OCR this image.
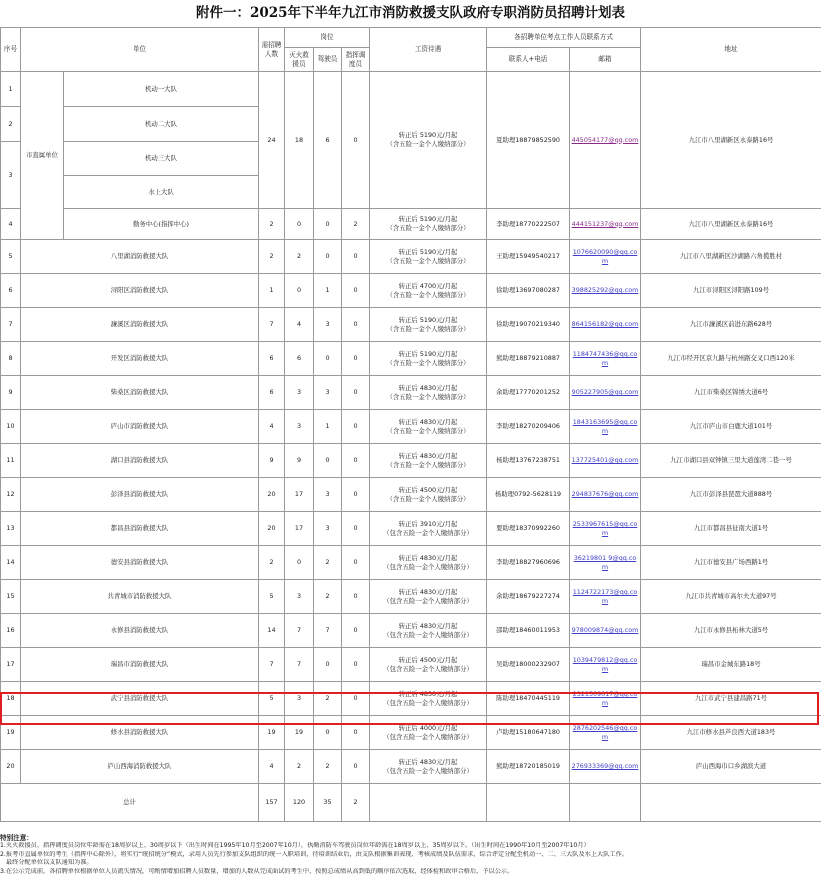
附件一：2025年下半年九江市消防救援支队政府专职消防员招聘计划表
序号	单位		需招聘人数	岗位			工资待遇	各招聘单位考点工作人员联系方式		地址
				灭火救援员	驾驶员	指挥调度员		联系人+电话	邮箱	
1	市直属单位	机动一大队	24	18	6	0	转正后 5190元/月起
（含五险一金个人缴纳部分）	夏助理18879852590	445054177@qq.com	九江市八里湖新区永泰路16号
2		机动二大队								
3		机动三大队								
		水上大队								
4		勤务中心(指挥中心)	2	0	0	2	转正后 5190元/月起
（含五险一金个人缴纳部分）	李助理18770222507	444151237@qq.com	九江市八里湖新区永泰路16号
5	八里湖消防救援大队		2	2	0	0	转正后 5190元/月起
（含五险一金个人缴纳部分）	王助理15949540217	1076620090@qq.com	九江市八里湖新区沙湖路六角揽胜村
6	浔阳区消防救援大队		1	0	1	0	转正后 4700元/月起
（含五险一金个人缴纳部分）	徐助理13697080287	398825292@qq.com	九江市浔阳区浔阳路109号
7	濂溪区消防救援大队		7	4	3	0	转正后 5190元/月起
（含五险一金个人缴纳部分）	徐助理19070219340	864156182@qq.com	九江市濂溪区前进东路628号
8	开发区消防救援大队		6	6	0	0	转正后 5190元/月起
（含五险一金个人缴纳部分）	熊助理18879210887	1184747436@qq.com	九江市经开区京九路与杭州路交叉口西120米
9	柴桑区消防救援大队		6	3	3	0	转正后 4830元/月起
（含五险一金个人缴纳部分）	余助理17770201252	905227905@qq.com	九江市柴桑区锦绣大道6号
10	庐山市消防救援大队		4	3	1	0	转正后 4830元/月起
（含五险一金个人缴纳部分）	李助理18270209406	1843163695@qq.com	九江市庐山市白鹿大道101号
11	湖口县消防救援大队		9	9	0	0	转正后 4830元/月起
（含五险一金个人缴纳部分）	杨助理13767238751	137725401@qq.com	九江市湖口县双钟镇三里大道莲湾二巷一号
12	彭泽县消防救援大队		20	17	3	0	转正后 4500元/月起
（含五险一金个人缴纳部分）	杨助理0792-5628119	294837676@qq.com	九江市彭泽县琵琶大道888号
13	都昌县消防救援大队		20	17	3	0	转正后 3910元/月起
（包含五险一金个人缴纳部分）	要助理18370992260	2533967615@qq.com	九江市都昌县征南大道1号
14	德安县消防救援大队		2	0	2	0	转正后 4830元/月起
（包含五险一金个人缴纳部分）	李助理18827960696	36219801 9@qq.com	九江市德安县广场西路1号
15	共青城市消防救援大队		5	3	2	0	转正后 4830元/月起
（包含五险一金个人缴纳部分）	余助理18679227274	1124722173@qq.com	九江市共青城市高尔夫大道97号
16	永修县消防救援大队		14	7	7	0	转正后 4830元/月起
（包含五险一金个人缴纳部分）	邵助理18460011953	978009874@qq.com	九江市永修县柘林大道5号
17	瑞昌市消防救援大队		7	7	0	0	转正后 4500元/月起
（包含五险一金个人缴纳部分）	吴助理18000232907	1039479812@qq.com	瑞昌市金城东路18号
18	武宁县消防救援大队		5	3	2	0	转正后 4830元/月起
（包含五险一金个人缴纳部分）	陈助理18470445119	2321509017@qq.com	九江市武宁县建昌路71号
19	修水县消防救援大队		19	19	0	0	转正后 4000元/月起
（包含五险一金个人缴纳部分）	卢助理15180647180	2876202546@qq.com	九江市修水县芦良西大道183号
20	庐山西海消防救援大队		4	2	2	0	转正后 4830元/月起
（包含五险一金个人缴纳部分）	熊助理18720185019	276933369@qq.com	庐山西海巾口乡湖滨大道
总计			157	120	35	2				
特别注意：
1.灭火救援员、指挥调度员岗位年龄需在18周岁以上、30周岁以下（出生时间在1995年10月至2007年10月），执勤消防车驾驶员岗位年龄需在18周岁以上、35周岁以下。（出生时间在1990年10月至2007年10月）
2.报考市直属单位的考生（指挥中心除外），将实行“统招统分”模式，录用人员先行参加支队组织的统一入职培训，待培训结业后，由支队根据集训表现、考核成绩及队伍需求，综合评定分配至机动一、二、三大队及水上大队工作。
最终分配单位以支队通知为准。
3.在公示完成前，各招聘单位根据单位人员流失情况，可酌情增加招聘人员数量，增加的人数从完成面试的考生中，按照总成绩从高到低的顺序依次选取，经体检和政审合格后，予以公示。
